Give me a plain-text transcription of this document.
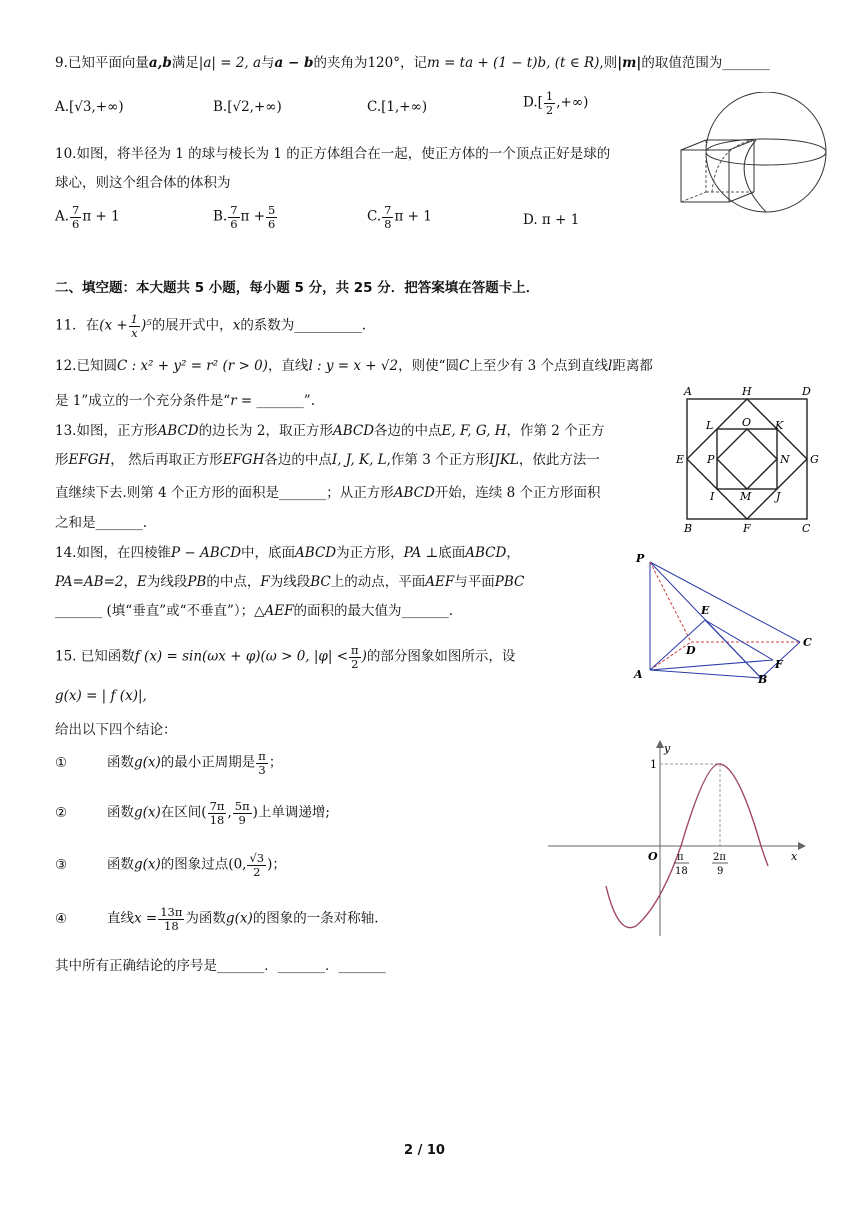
9.已知平面向量a,b满足|a| = 2, a与a − b的夹角为120°，记m = ta + (1 − t)b, (t ∈ R),则|m|的取值范围为_______
A.[√3,+∞)	B.[√2,+∞)	C.[1,+∞)	$D.[ \frac{1}{2}$ ,+∞)
10.如图，将半径为 1 的球与棱长为 1 的正方体组合在一起，使正方体的一个顶点正好是球的
球心，则这个组合体的体积为
A. $\frac{7}{6}$ π + 1	B. $\frac{7}{6}$ $\pi + \frac{5}{6}$	C. $\frac{7}{8}$ π + 1	D. π + 1
二、填空题：本大题共 5 小题，每小题 5 分，共 25 分．把答案填在答题卡上．
11．在$(x + \frac{1}{x} )^5$的展开式中，x的系数为__________.
12.已知圆C : x² + y² = r² (r > 0)，直线l : y = x + √2，则使“圆C上至少有 3 个点到直线l距离都
是 1”成立的一个充分条件是“r = _______”.
A	H	D
L	O K
E P	N G
I M J
B	F	C
13.如图，正方形ABCD的边长为 2，取正方形ABCD各边的中点E, F, G, H，作第 2 个正方
形EFGH， 然后再取正方形EFGH各边的中点I, J, K, L,作第 3 个正方形IJKL，依此方法一
直继续下去.则第 4 个正方形的面积是_______；从正方形ABCD开始，连续 8 个正方形面积
之和是_______.
14.如图，在四棱锥P − ABCD中，底面ABCD为正方形，PA ⊥底面ABCD，
PA=AB=2，E为线段PB的中点，F为线段BC上的动点，平面AEF与平面PBC
_______ (填“垂直”或“不垂直”）；△AEF的面积的最大值为_______.
P
E
D
C
A	B
F
15. 已知函数f (x) = sin(ωx + φ)(ω > 0, $|\varphi| < \frac{\pi}{2}$ )的部分图象如图所示，设
g(x) = | f (x)|,
给出以下四个结论：
①	函数g(x)的最小正周期是 $\frac{\pi}{3}$ ；
②	函数g(x)在区间( $\frac{7\pi}{18}$ , $\frac{5\pi}{9}$ )上单调递增;
③	函数g(x)的图象过点(0, $\frac{√3}{2}$ )；
④	直线$x = \frac{13\pi}{18}$ 为函数g(x)的图象的一条对称轴.
其中所有正确结论的序号是_______．_______．_______
y
x
O
1
π
18
2π
9
2 / 10
